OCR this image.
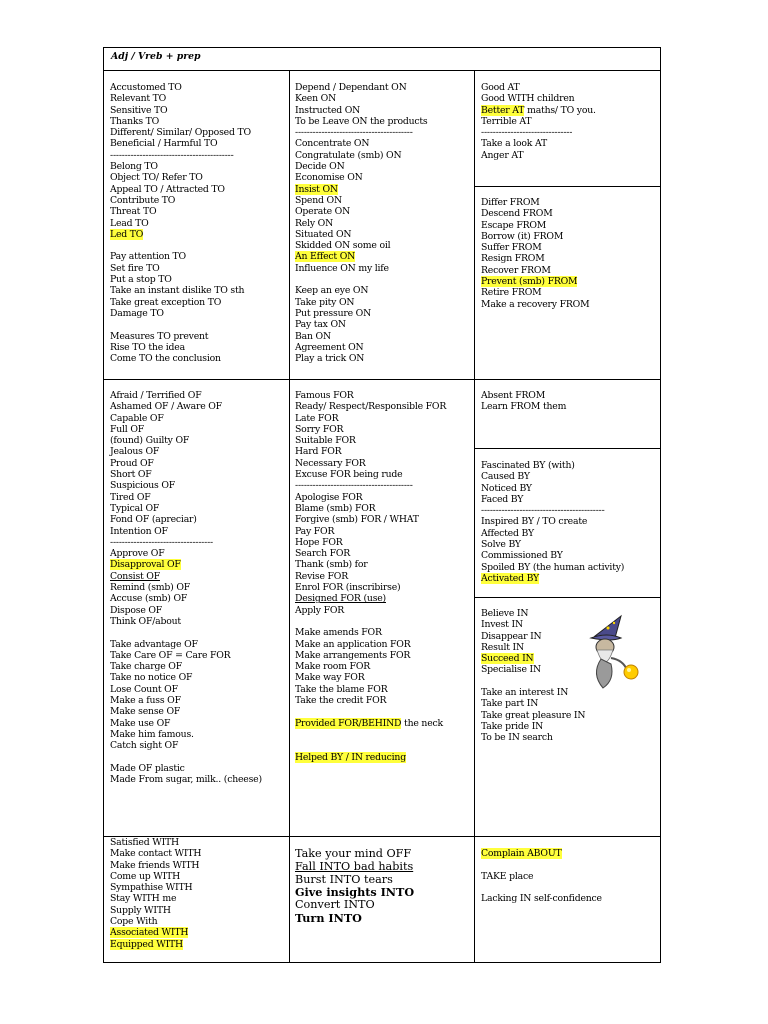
Adj / Vreb + prep
Accustomed TO
Relevant TO
Sensitive TO
Thanks TO
Different/ Similar/ Opposed TO
Beneficial / Harmful TO
------------------------------------------
Belong TO
Object TO/ Refer TO
Appeal TO / Attracted TO
Contribute TO
Threat TO
Lead TO
Led TO
Pay attention TO
Set fire TO
Put a stop TO
Take an instant dislike TO sth
Take great exception TO
Damage TO
Measures TO prevent
Rise TO the idea
Come TO the conclusion
Depend / Dependant ON
Keen ON
Instructed ON
To be Leave ON the products
----------------------------------------
Concentrate ON
Congratulate (smb) ON
Decide ON
Economise ON
Insist ON
Spend ON
Operate ON
Rely ON
Situated ON
Skidded ON some oil
An Effect ON
Influence ON my life
Keep an eye ON
Take pity ON
Put pressure ON
Pay tax ON
Ban ON
Agreement ON
Play a trick ON
Good AT
Good WITH children
Better AT maths/ TO you.
Terrible AT
-------------------------------
Take a look AT
Anger AT
Differ FROM
Descend FROM
Escape FROM
Borrow (it) FROM
Suffer FROM
Resign FROM
Recover FROM
Prevent (smb) FROM
Retire FROM
Make a recovery FROM
Afraid / Terrified OF
Ashamed OF / Aware OF
Capable OF
Full OF
(found) Guilty OF
Jealous OF
Proud OF
Short OF
Suspicious OF
Tired OF
Typical OF
Fond OF (apreciar)
Intention OF
-----------------------------------
Approve OF
Disapproval OF
Consist OF
Remind (smb) OF
Accuse (smb) OF
Dispose OF
Think OF/about
Take advantage OF
Take Care OF = Care FOR
Take charge OF
Take no notice OF
Lose Count OF
Make a fuss OF
Make sense OF
Make use OF
Make him famous.
Catch sight OF
Made OF plastic
Made From sugar, milk.. (cheese)
Famous FOR
Ready/ Respect/Responsible FOR
Late FOR
Sorry FOR
Suitable FOR
Hard FOR
Necessary FOR
Excuse FOR being rude
----------------------------------------
Apologise FOR
Blame (smb) FOR
Forgive (smb) FOR / WHAT
Pay FOR
Hope FOR
Search FOR
Thank (smb) for
Revise FOR
Enrol FOR (inscribirse)
Designed FOR (use)
Apply FOR
Make amends FOR
Make an application FOR
Make arrangements FOR
Make room FOR
Make way FOR
Take the blame FOR
Take the credit FOR
Provided FOR/BEHIND the neck
Helped BY / IN reducing
Absent FROM
Learn FROM them
Fascinated BY (with)
Caused BY
Noticed BY
Faced BY
------------------------------------------
Inspired BY / TO create
Affected BY
Solve BY
Commissioned BY
Spoiled BY (the human activity)
Activated BY
Believe IN
Invest IN
Disappear IN
Result IN
Succeed IN
Specialise IN
Take an interest IN
Take part IN
Take great pleasure IN
Take pride IN
To be IN search
Satisfied WITH
Make contact WITH
Make friends WITH
Come up WITH
Sympathise WITH
Stay WITH me
Supply WITH
Cope With
Associated WITH
Equipped WITH
Take your mind OFF
Fall INTO bad habits
Burst INTO tears
Give insights INTO
Convert INTO
Turn INTO
Complain ABOUT
TAKE place
Lacking IN self-confidence
